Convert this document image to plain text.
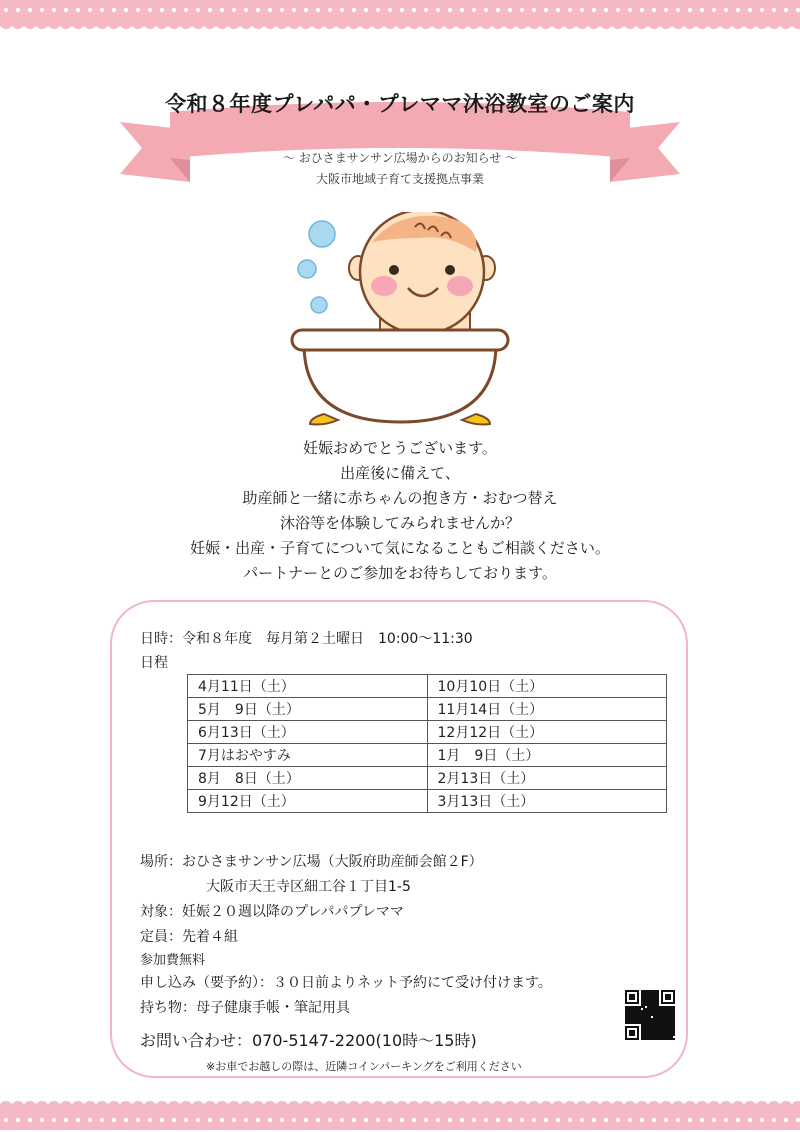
令和８年度プレパパ・プレママ沐浴教室のご案内
～ おひさまサンサン広場からのお知らせ ～
大阪市地域子育て支援拠点事業
妊娠おめでとうございます。
出産後に備えて、
助産師と一緒に赤ちゃんの抱き方・おむつ替え
沐浴等を体験してみられませんか？
妊娠・出産・子育てについて気になることもご相談ください。
パートナーとのご参加をお待ちしております。
日時：令和８年度　毎月第２土曜日　10:00～11:30
日程
4月11日（土）	10月10日（土）
5月　9日（土）	11月14日（土）
6月13日（土）	12月12日（土）
7月はおやすみ	1月　9日（土）
8月　8日（土）	2月13日（土）
9月12日（土）	3月13日（土）
場所：おひさまサンサン広場（大阪府助産師会館２F）
大阪市天王寺区細工谷１丁目1-5
対象：妊娠２０週以降のプレパパプレママ
定員：先着４組
参加費無料
申し込み（要予約）：３０日前よりネット予約にて受け付けます。
持ち物：母子健康手帳・筆記用具
お問い合わせ：070-5147-2200(10時～15時)
※お車でお越しの際は、近隣コインパーキングをご利用ください
